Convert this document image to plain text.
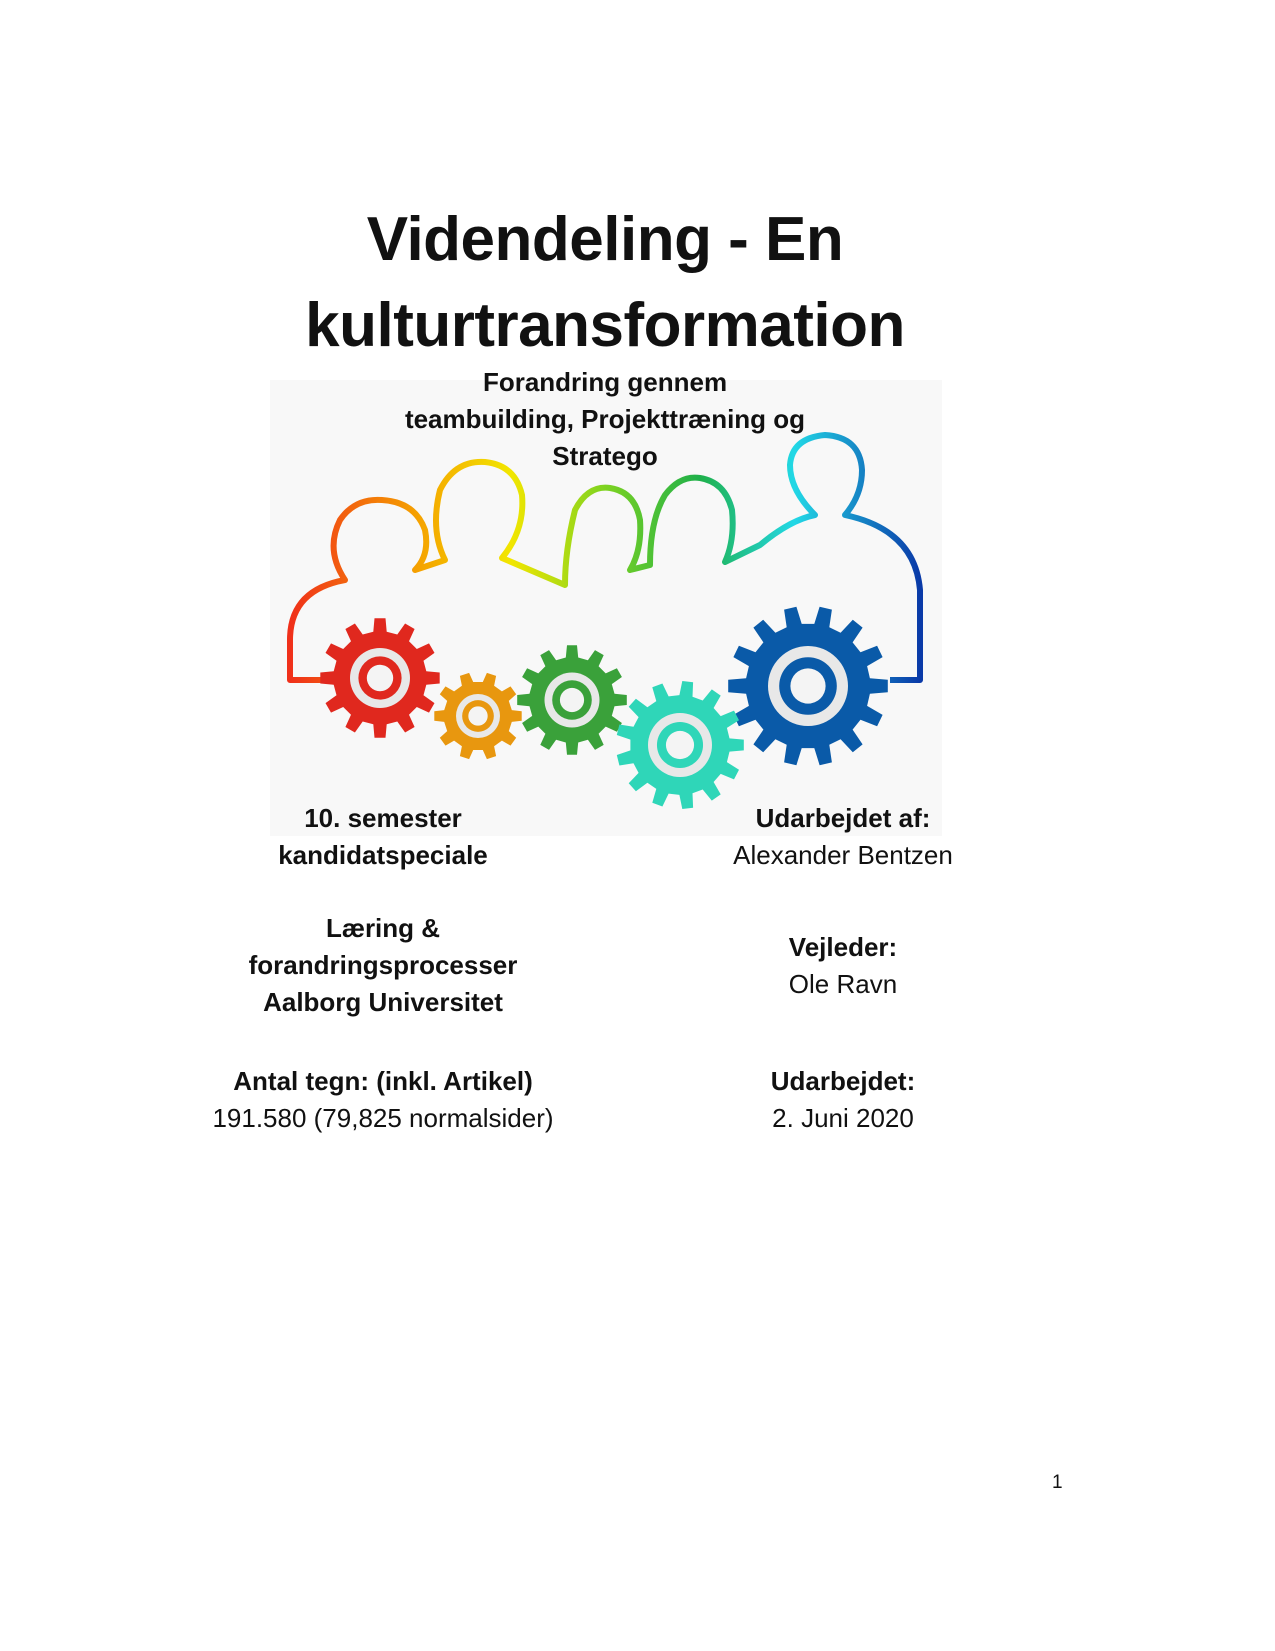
Videndeling - En
kulturtransformation
Forandring gennem
teambuilding, Projekttræning og
Stratego
10. semester
kandidatspeciale
Udarbejdet af:
Alexander Bentzen
Læring &
forandringsprocesser
Aalborg Universitet
Vejleder:
Ole Ravn
Antal tegn: (inkl. Artikel)
191.580 (79,825 normalsider)
Udarbejdet:
2. Juni 2020
1
